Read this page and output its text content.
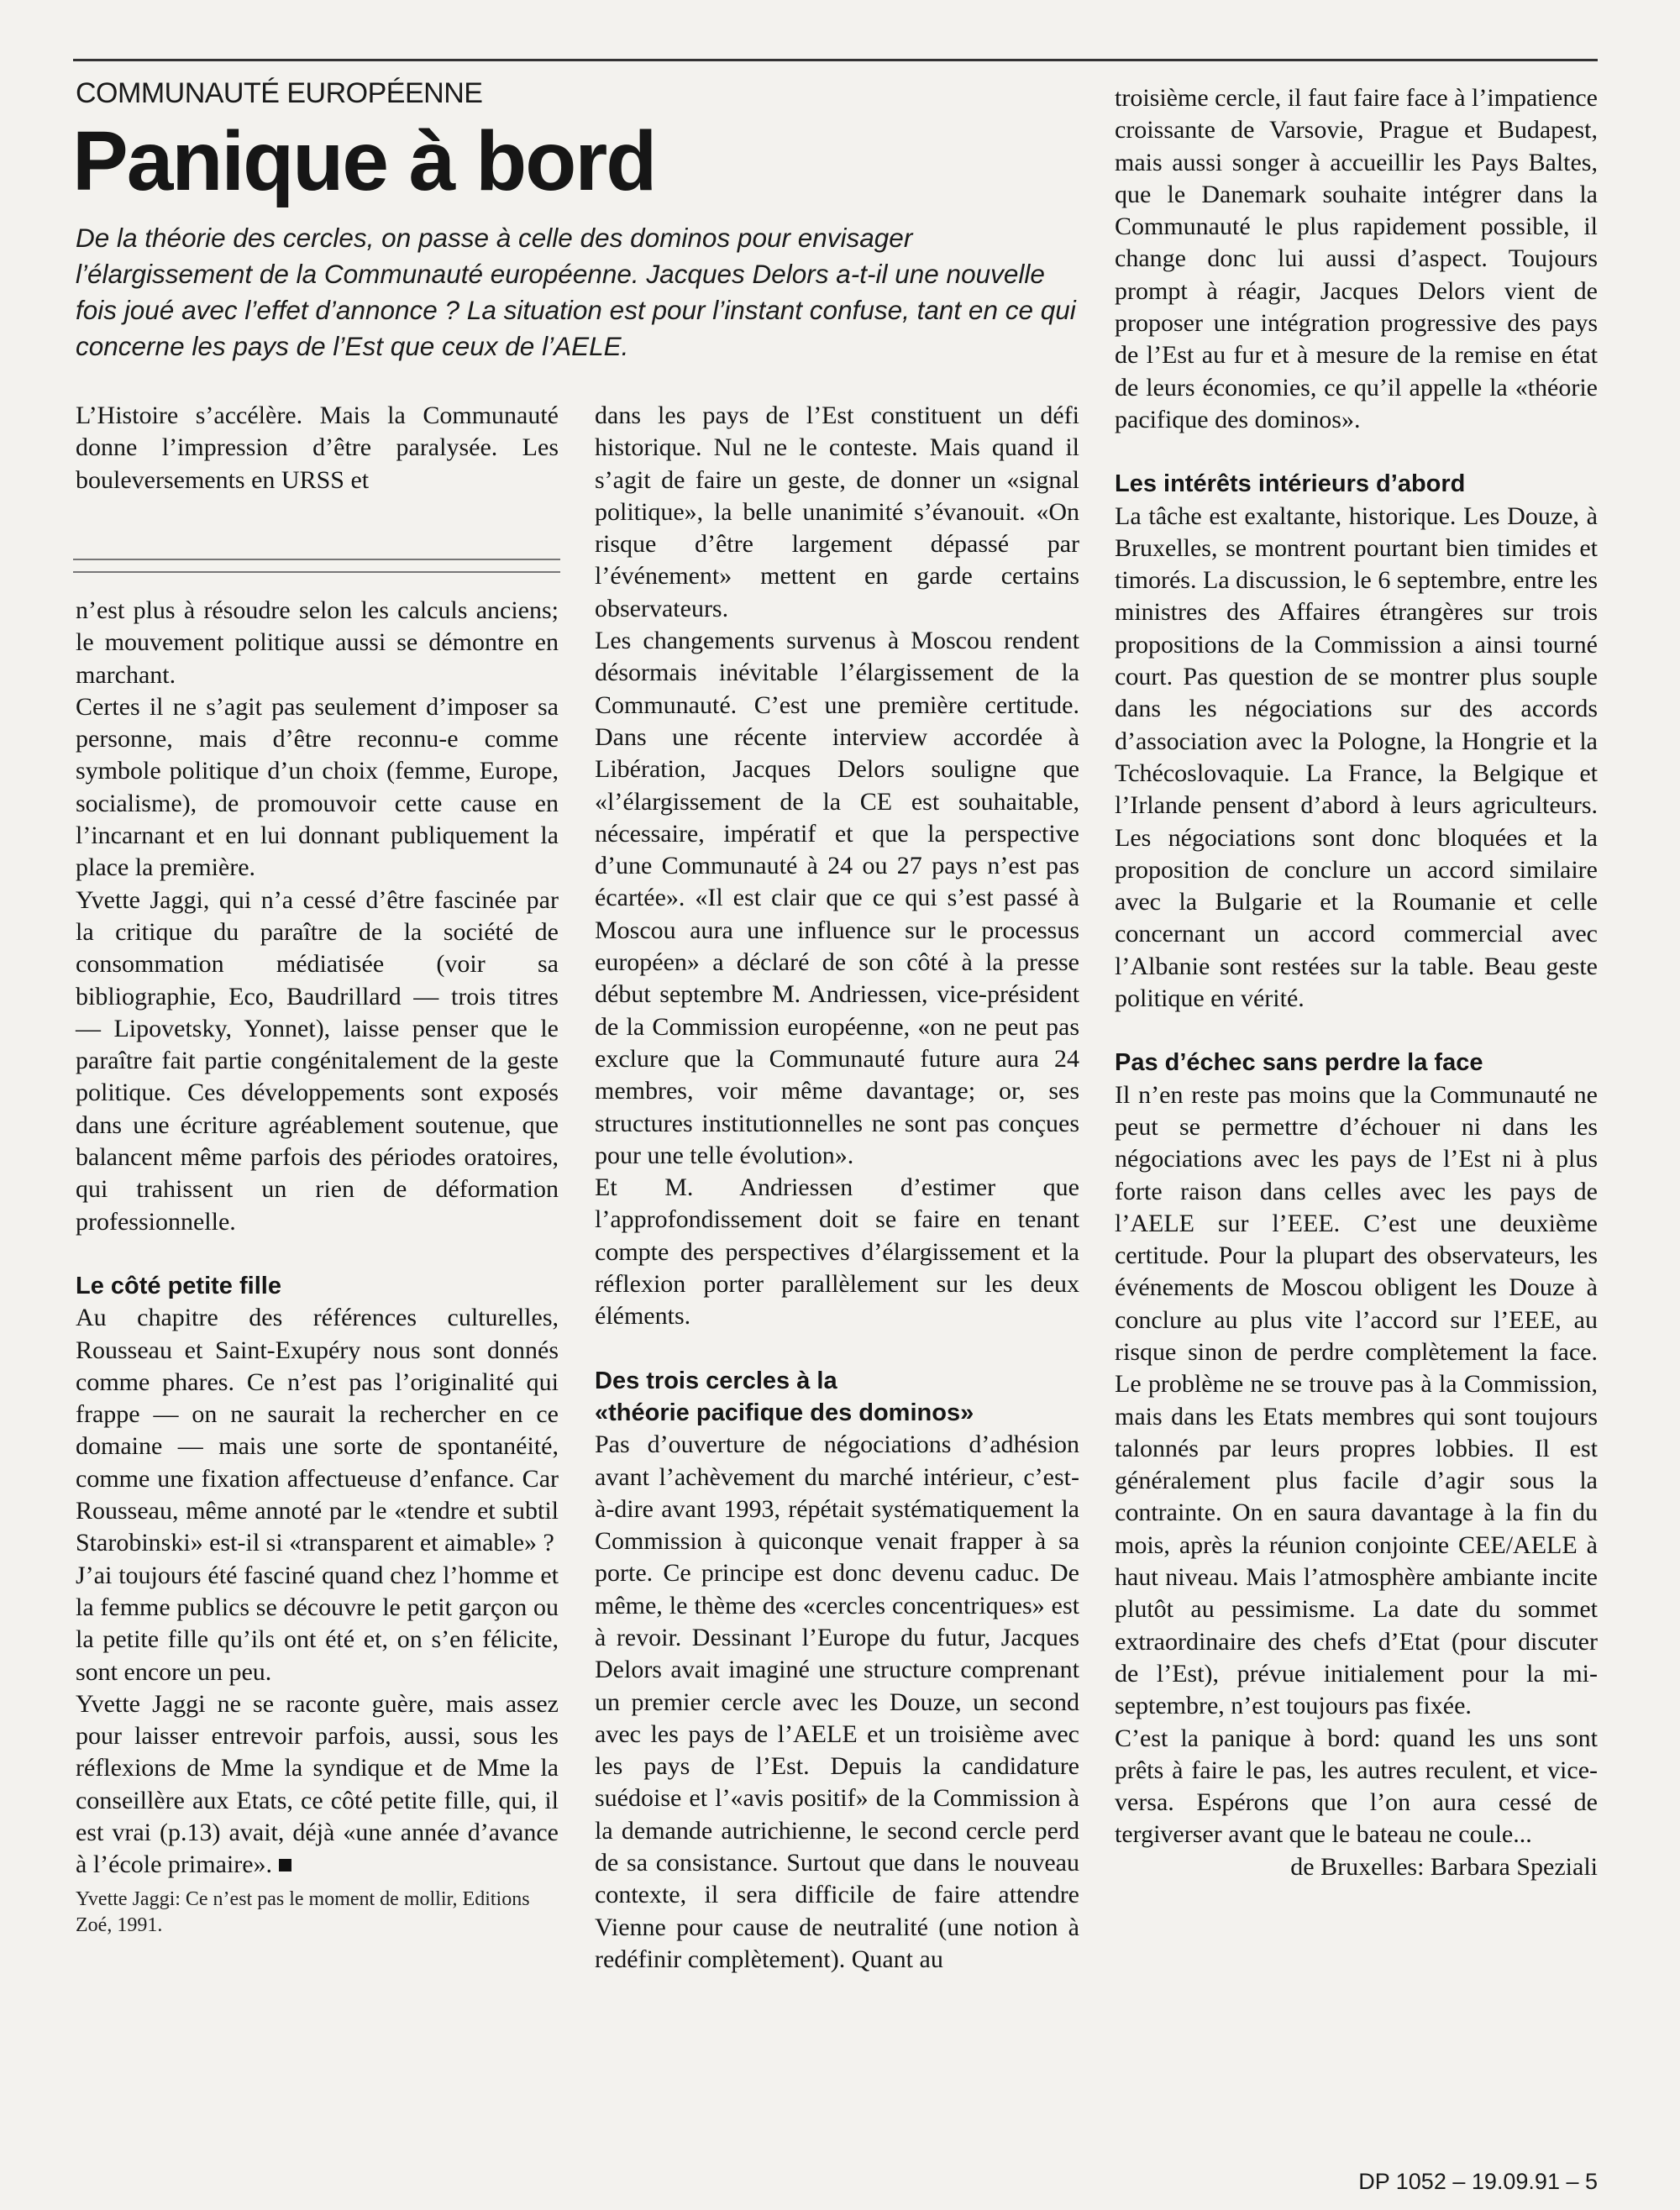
COMMUNAUTÉ EUROPÉENNE
Panique à bord

De la théorie des cercles, on passe à celle des dominos pour envisager l’élargissement de la Communauté européenne. Jacques Delors a-t-il une nouvelle fois joué avec l’effet d’annonce ? La situation est pour l’instant confuse, tant en ce qui concerne les pays de l’Est que ceux de l’AELE.

L’Histoire s’accélère. Mais la Communauté donne l’impression d’être paralysée. Les bouleversements en URSS et

n’est plus à résoudre selon les calculs anciens; le mouvement politique aussi se démontre en marchant.

Certes il ne s’agit pas seulement d’imposer sa personne, mais d’être reconnu-e comme symbole politique d’un choix (femme, Europe, socialisme), de promouvoir cette cause en l’incarnant et en lui donnant publiquement la place la première.

Yvette Jaggi, qui n’a cessé d’être fascinée par la critique du paraître de la société de consommation médiatisée (voir sa bibliographie, Eco, Baudrillard — trois titres — Lipovetsky, Yonnet), laisse penser que le paraître fait partie congénitalement de la geste politique. Ces développements sont exposés dans une écriture agréablement soutenue, que balancent même parfois des périodes oratoires, qui trahissent un rien de déformation professionnelle.

Le côté petite fille

Au chapitre des références culturelles, Rousseau et Saint-Exupéry nous sont donnés comme phares. Ce n’est pas l’originalité qui frappe — on ne saurait la rechercher en ce domaine — mais une sorte de spontanéité, comme une fixation affectueuse d’enfance. Car Rousseau, même annoté par le «tendre et subtil Starobinski» est-il si «transparent et aimable» ?

J’ai toujours été fasciné quand chez l’homme et la femme publics se découvre le petit garçon ou la petite fille qu’ils ont été et, on s’en félicite, sont encore un peu.

Yvette Jaggi ne se raconte guère, mais assez pour laisser entrevoir parfois, aussi, sous les réflexions de Mme la syndique et de Mme la conseillère aux Etats, ce côté petite fille, qui, il est vrai (p.13) avait, déjà «une année d’avance à l’école primaire».

Yvette Jaggi: Ce n’est pas le moment de mollir, Editions Zoé, 1991.

dans les pays de l’Est constituent un défi historique. Nul ne le conteste. Mais quand il s’agit de faire un geste, de donner un «signal politique», la belle unanimité s’évanouit. «On risque d’être largement dépassé par l’événement» mettent en garde certains observateurs.

Les changements survenus à Moscou rendent désormais inévitable l’élargissement de la Communauté. C’est une première certitude. Dans une récente interview accordée à Libération, Jacques Delors souligne que «l’élargissement de la CE est souhaitable, nécessaire, impératif et que la perspective d’une Communauté à 24 ou 27 pays n’est pas écartée». «Il est clair que ce qui s’est passé à Moscou aura une influence sur le processus européen» a déclaré de son côté à la presse début septembre M. Andriessen, vice-président de la Commission européenne, «on ne peut pas exclure que la Communauté future aura 24 membres, voir même davantage; or, ses structures institutionnelles ne sont pas conçues pour une telle évolution».

Et M. Andriessen d’estimer que l’approfondissement doit se faire en tenant compte des perspectives d’élargissement et la réflexion porter parallèlement sur les deux éléments.

Des trois cercles à la
«théorie pacifique des dominos»

Pas d’ouverture de négociations d’adhésion avant l’achèvement du marché intérieur, c’est-à-dire avant 1993, répétait systématiquement la Commission à quiconque venait frapper à sa porte. Ce principe est donc devenu caduc. De même, le thème des «cercles concentriques» est à revoir. Dessinant l’Europe du futur, Jacques Delors avait imaginé une structure comprenant un premier cercle avec les Douze, un second avec les pays de l’AELE et un troisième avec les pays de l’Est. Depuis la candidature suédoise et l’«avis positif» de la Commission à la demande autrichienne, le second cercle perd de sa consistance. Surtout que dans le nouveau contexte, il sera difficile de faire attendre Vienne pour cause de neutralité (une notion à redéfinir complètement). Quant au

troisième cercle, il faut faire face à l’impatience croissante de Varsovie, Prague et Budapest, mais aussi songer à accueillir les Pays Baltes, que le Danemark souhaite intégrer dans la Communauté le plus rapidement possible, il change donc lui aussi d’aspect. Toujours prompt à réagir, Jacques Delors vient de proposer une intégration progressive des pays de l’Est au fur et à mesure de la remise en état de leurs économies, ce qu’il appelle la «théorie pacifique des dominos».

Les intérêts intérieurs d’abord

La tâche est exaltante, historique. Les Douze, à Bruxelles, se montrent pourtant bien timides et timorés. La discussion, le 6 septembre, entre les ministres des Affaires étrangères sur trois propositions de la Commission a ainsi tourné court. Pas question de se montrer plus souple dans les négociations sur des accords d’association avec la Pologne, la Hongrie et la Tchécoslovaquie. La France, la Belgique et l’Irlande pensent d’abord à leurs agriculteurs. Les négociations sont donc bloquées et la proposition de conclure un accord similaire avec la Bulgarie et la Roumanie et celle concernant un accord commercial avec l’Albanie sont restées sur la table. Beau geste politique en vérité.

Pas d’échec sans perdre la face

Il n’en reste pas moins que la Communauté ne peut se permettre d’échouer ni dans les négociations avec les pays de l’Est ni à plus forte raison dans celles avec les pays de l’AELE sur l’EEE. C’est une deuxième certitude. Pour la plupart des observateurs, les événements de Moscou obligent les Douze à conclure au plus vite l’accord sur l’EEE, au risque sinon de perdre complètement la face. Le problème ne se trouve pas à la Commission, mais dans les Etats membres qui sont toujours talonnés par leurs propres lobbies. Il est généralement plus facile d’agir sous la contrainte. On en saura davantage à la fin du mois, après la réunion conjointe CEE/AELE à haut niveau. Mais l’atmosphère ambiante incite plutôt au pessimisme. La date du sommet extraordinaire des chefs d’Etat (pour discuter de l’Est), prévue initialement pour la mi-septembre, n’est toujours pas fixée.

C’est la panique à bord: quand les uns sont prêts à faire le pas, les autres reculent, et vice-versa. Espérons que l’on aura cessé de tergiverser avant que le bateau ne coule...

de Bruxelles: Barbara Speziali

DP 1052 – 19.09.91 – 5
